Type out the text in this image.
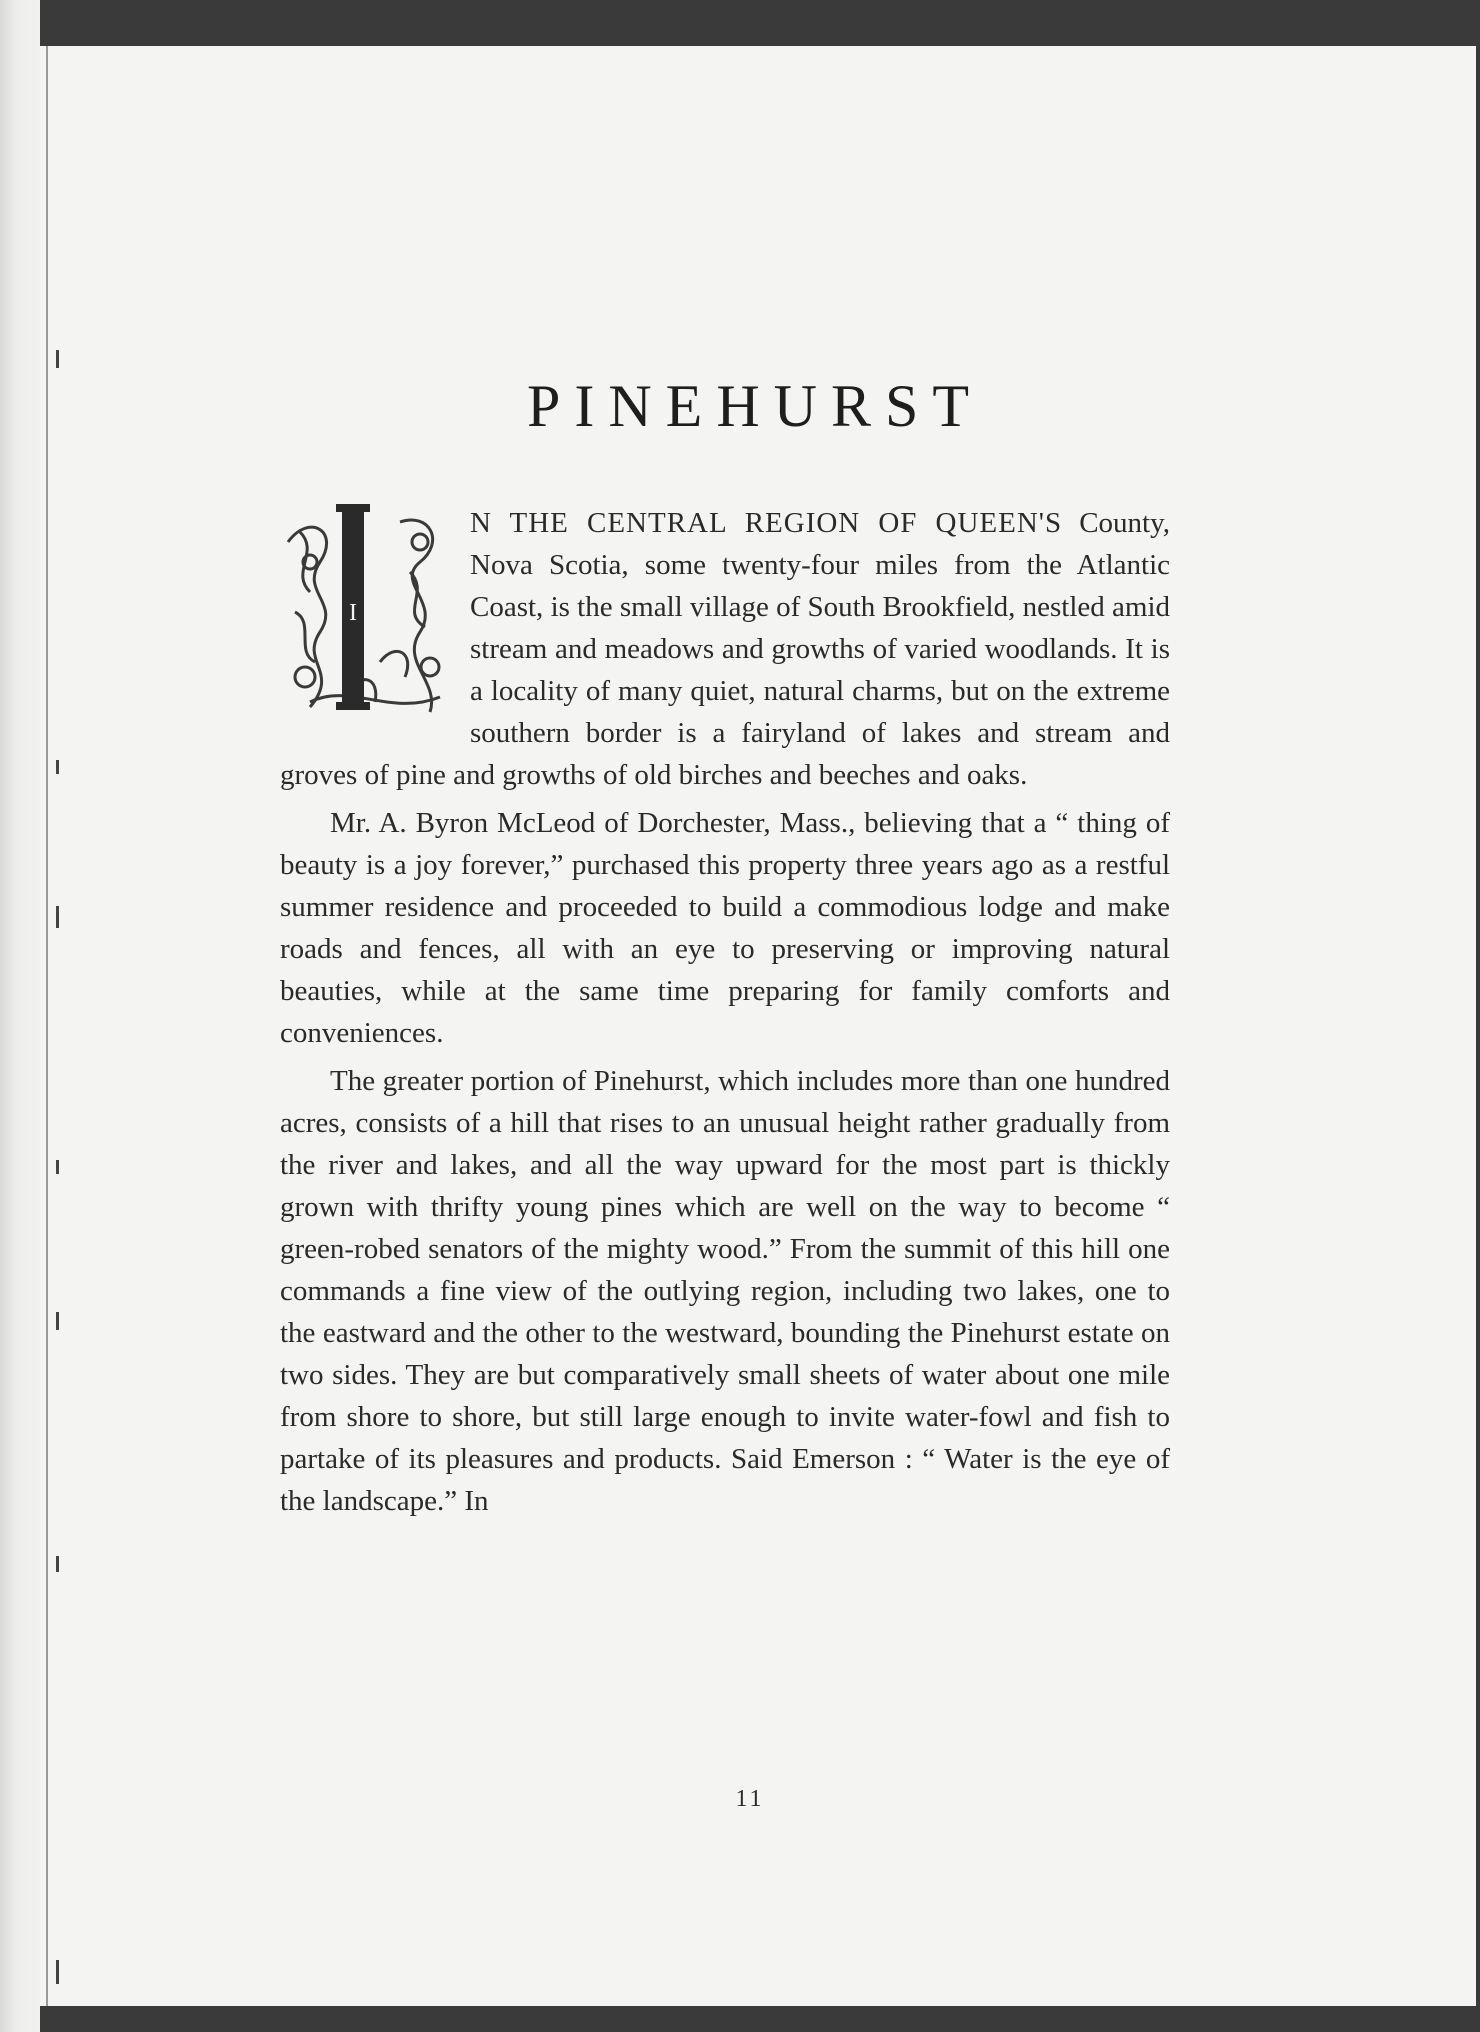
PINEHURST
I

N THE CENTRAL REGION OF QUEEN'S County, Nova Scotia, some twenty-four miles from the Atlantic Coast, is the small village of South Brookfield, nestled amid stream and meadows and growths of varied woodlands. It is a locality of many quiet, natural charms, but on the extreme southern border is a fairyland of lakes and stream and groves of pine and growths of old birches and beeches and oaks.

Mr. A. Byron McLeod of Dorchester, Mass., believing that a “ thing of beauty is a joy forever,” purchased this property three years ago as a restful summer residence and proceeded to build a commodious lodge and make roads and fences, all with an eye to preserving or improving natural beauties, while at the same time preparing for family comforts and conveniences.

The greater portion of Pinehurst, which includes more than one hundred acres, consists of a hill that rises to an unusual height rather gradually from the river and lakes, and all the way upward for the most part is thickly grown with thrifty young pines which are well on the way to become “ green-robed senators of the mighty wood.” From the summit of this hill one commands a fine view of the outlying region, including two lakes, one to the eastward and the other to the westward, bounding the Pinehurst estate on two sides. They are but comparatively small sheets of water about one mile from shore to shore, but still large enough to invite water-fowl and fish to partake of its pleasures and products. Said Emerson : “ Water is the eye of the landscape.” In

11
